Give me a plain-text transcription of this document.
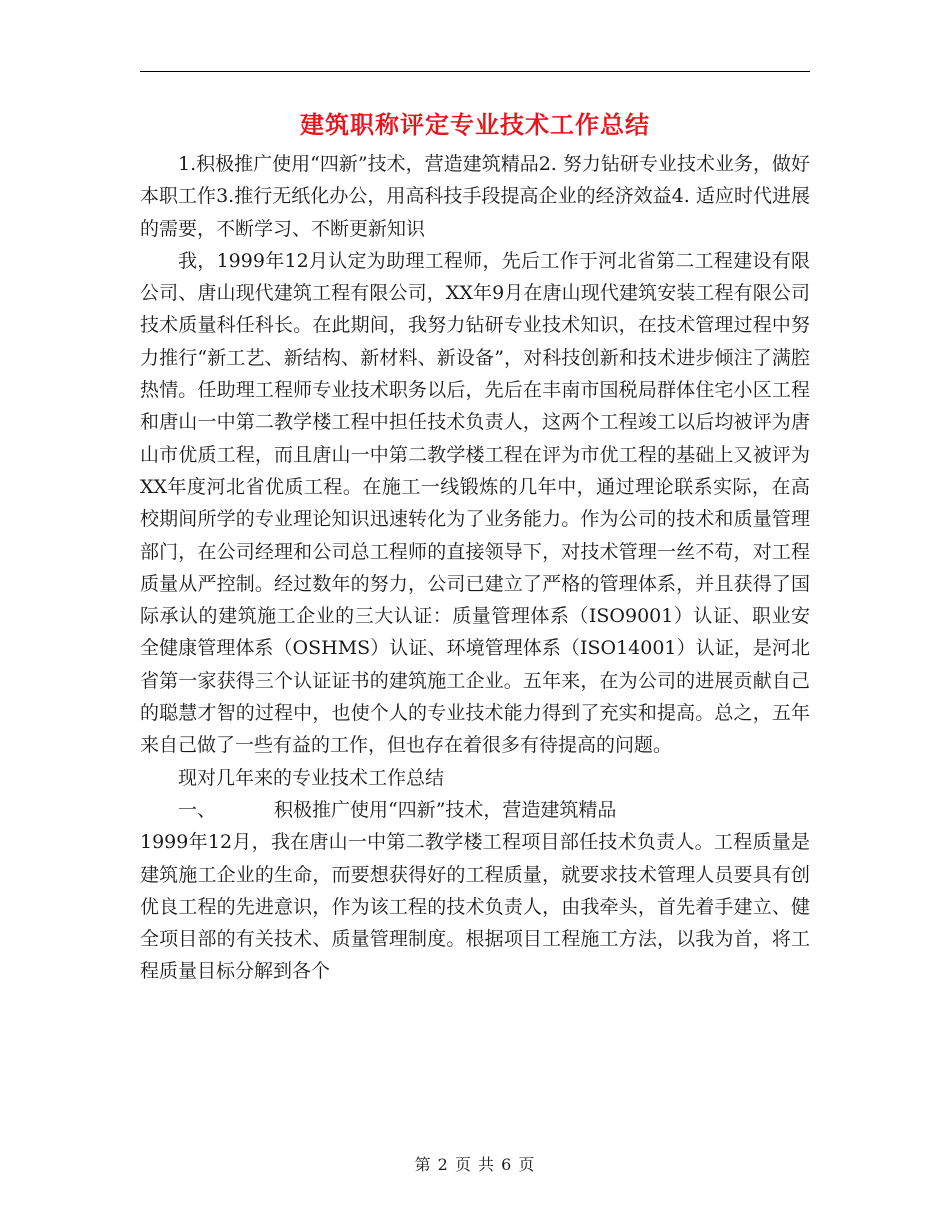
建筑职称评定专业技术工作总结

1.积极推广使用“四新”技术，营造建筑精品2. 努力钻研专业技术业务，做好本职工作3.推行无纸化办公，用高科技手段提高企业的经济效益4. 适应时代进展的需要，不断学习、不断更新知识

我，1999年12月认定为助理工程师，先后工作于河北省第二工程建设有限公司、唐山现代建筑工程有限公司，XX年9月在唐山现代建筑安装工程有限公司技术质量科任科长。在此期间，我努力钻研专业技术知识，在技术管理过程中努力推行“新工艺、新结构、新材料、新设备”，对科技创新和技术进步倾注了满腔热情。任助理工程师专业技术职务以后，先后在丰南市国税局群体住宅小区工程和唐山一中第二教学楼工程中担任技术负责人，这两个工程竣工以后均被评为唐山市优质工程，而且唐山一中第二教学楼工程在评为市优工程的基础上又被评为XX年度河北省优质工程。在施工一线锻炼的几年中，通过理论联系实际，在高校期间所学的专业理论知识迅速转化为了业务能力。作为公司的技术和质量管理部门，在公司经理和公司总工程师的直接领导下，对技术管理一丝不苟，对工程质量从严控制。经过数年的努力，公司已建立了严格的管理体系，并且获得了国际承认的建筑施工企业的三大认证：质量管理体系（ISO9001）认证、职业安全健康管理体系（OSHMS）认证、环境管理体系（ISO14001）认证，是河北省第一家获得三个认证证书的建筑施工企业。五年来，在为公司的进展贡献自己的聪慧才智的过程中，也使个人的专业技术能力得到了充实和提高。总之，五年来自己做了一些有益的工作，但也存在着很多有待提高的问题。

现对几年来的专业技术工作总结

一、	积极推广使用“四新”技术，营造建筑精品

1999年12月，我在唐山一中第二教学楼工程项目部任技术负责人。工程质量是建筑施工企业的生命，而要想获得好的工程质量，就要求技术管理人员要具有创优良工程的先进意识，作为该工程的技术负责人，由我牵头，首先着手建立、健全项目部的有关技术、质量管理制度。根据项目工程施工方法，以我为首，将工程质量目标分解到各个

第 2 页 共 6 页
